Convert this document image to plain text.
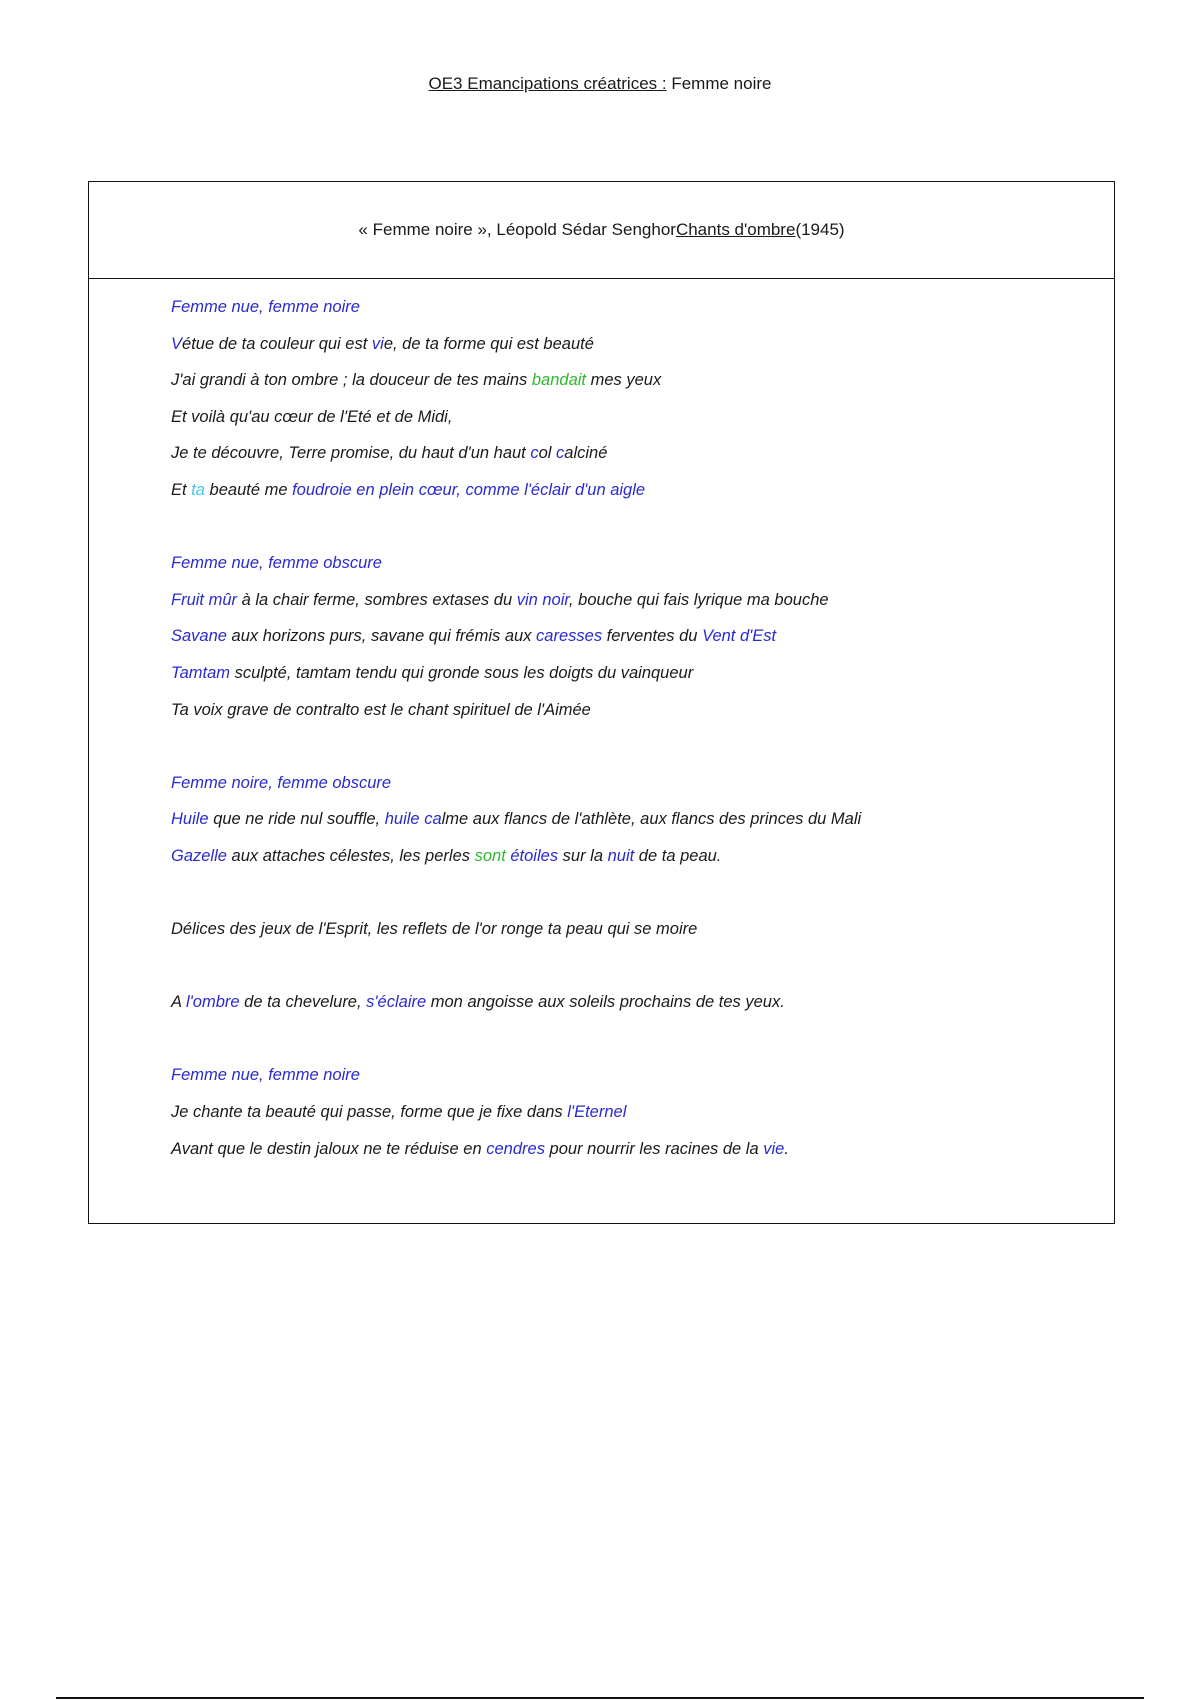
OE3 Emancipations créatrices : Femme noire
« Femme noire », Léopold Sédar Senghor Chants d'ombre (1945)
Femme nue, femme noire
Vétue de ta couleur qui est vie, de ta forme qui est beauté
J'ai grandi à ton ombre ; la douceur de tes mains bandait mes yeux
Et voilà qu'au cœur de l'Eté et de Midi,
Je te découvre, Terre promise, du haut d'un haut col calciné
Et ta beauté me foudroie en plein cœur, comme l'éclair d'un aigle
Femme nue, femme obscure
Fruit mûr à la chair ferme, sombres extases du vin noir, bouche qui fais lyrique ma bouche
Savane aux horizons purs, savane qui frémis aux caresses ferventes du Vent d'Est
Tamtam sculpté, tamtam tendu qui gronde sous les doigts du vainqueur
Ta voix grave de contralto est le chant spirituel de l'Aimée
Femme noire, femme obscure
Huile que ne ride nul souffle, huile calme aux flancs de l'athlète, aux flancs des princes du Mali
Gazelle aux attaches célestes, les perles sont étoiles sur la nuit de ta peau.
Délices des jeux de l'Esprit, les reflets de l'or ronge ta peau qui se moire
A l'ombre de ta chevelure, s'éclaire mon angoisse aux soleils prochains de tes yeux.
Femme nue, femme noire
Je chante ta beauté qui passe, forme que je fixe dans l'Eternel
Avant que le destin jaloux ne te réduise en cendres pour nourrir les racines de la vie.
